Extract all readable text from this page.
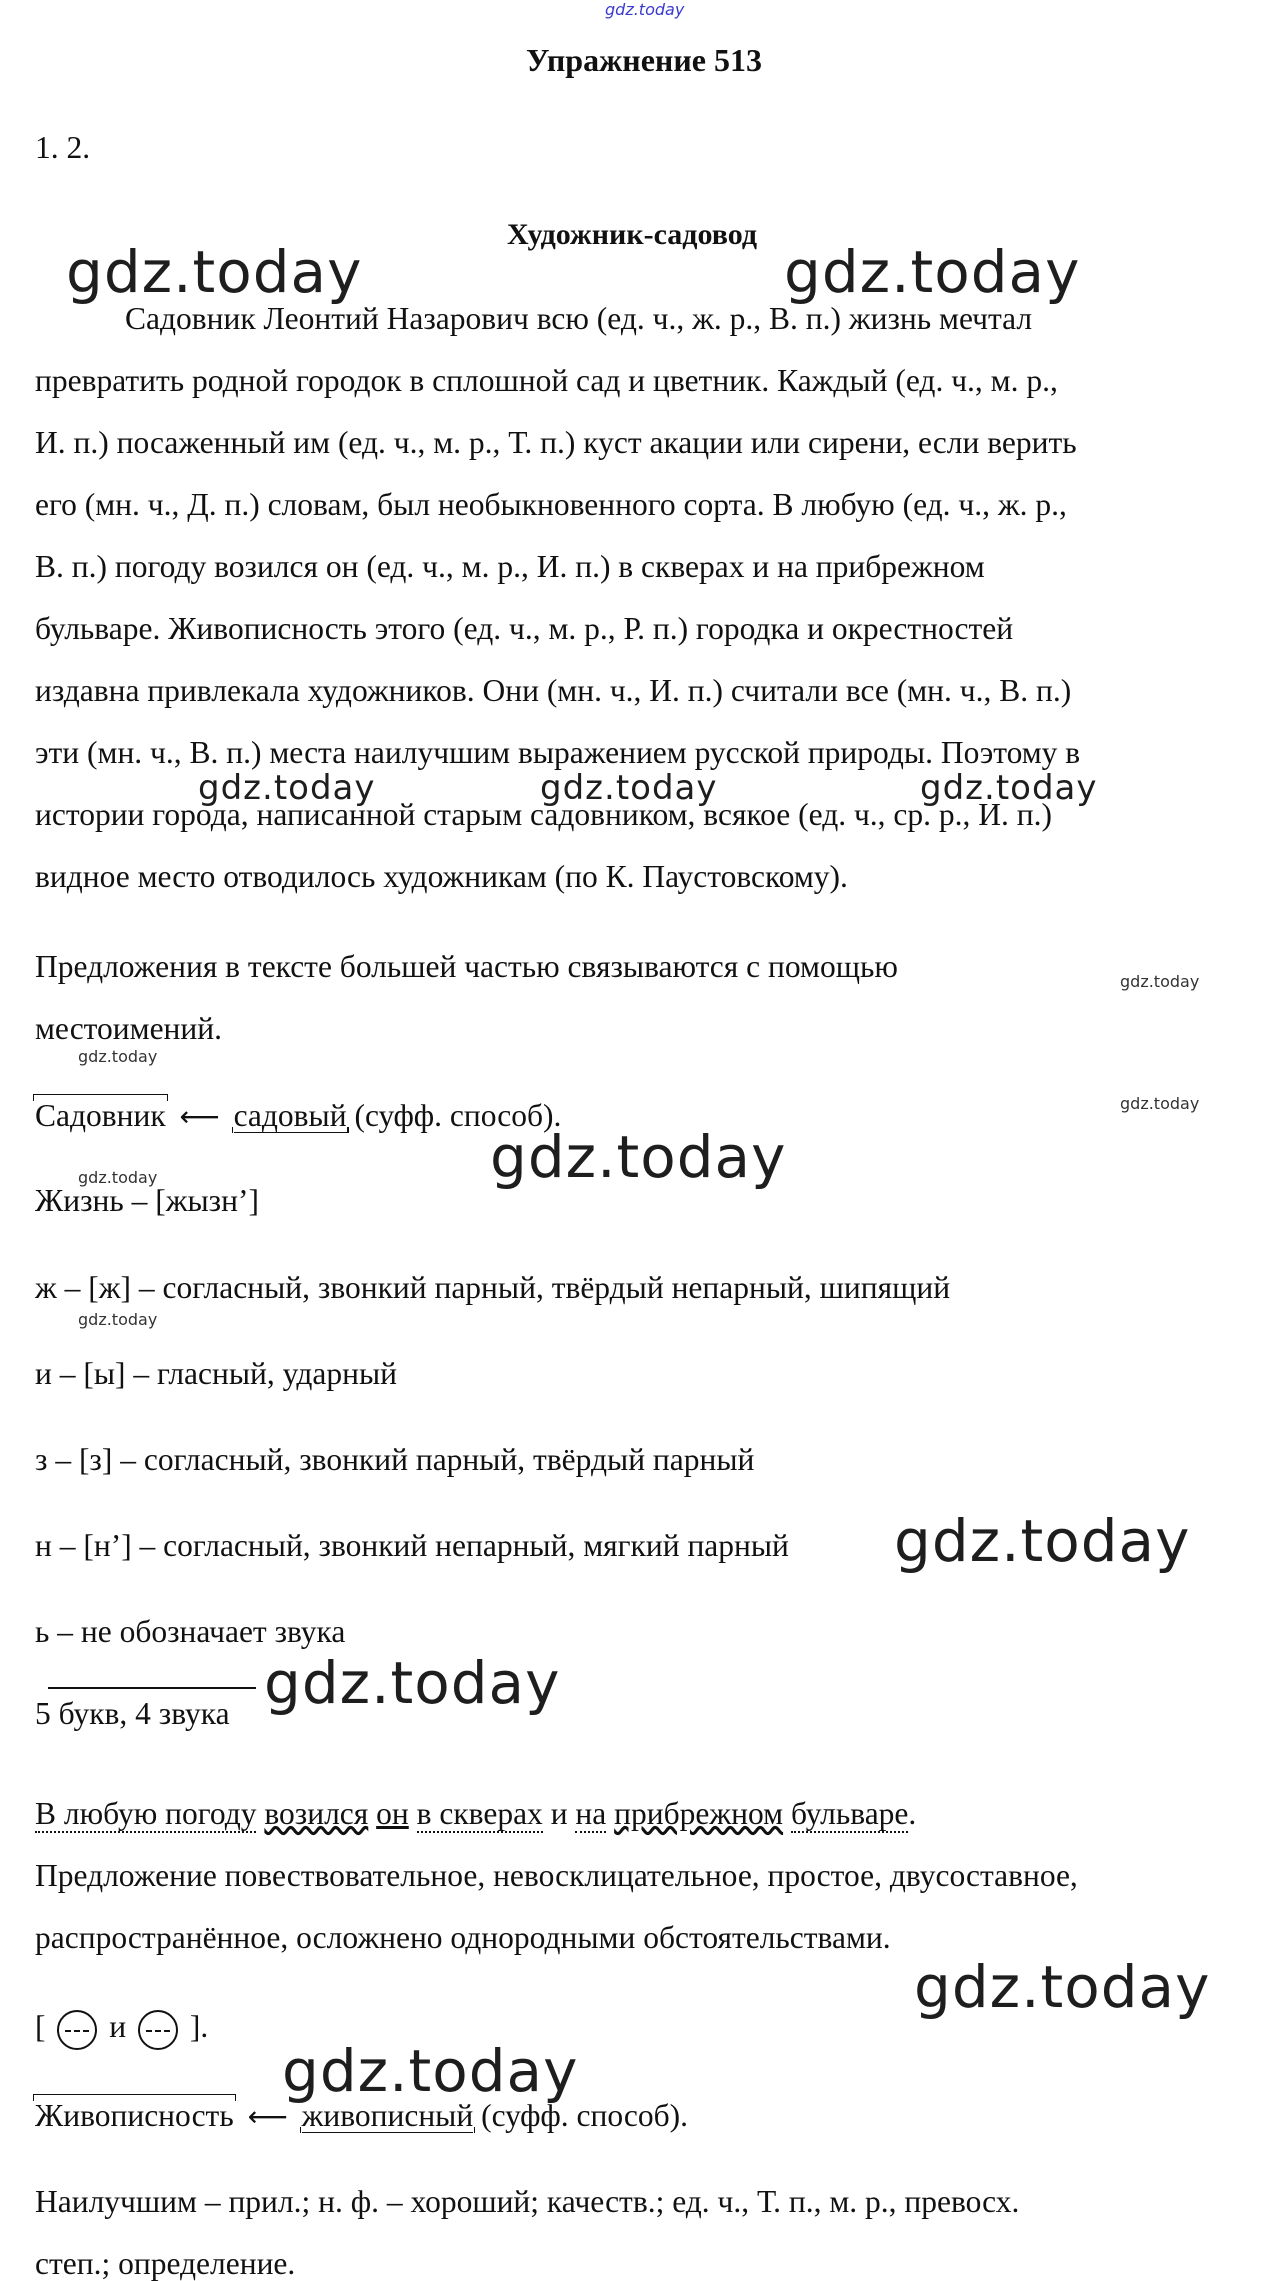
gdz.today
Упражнение 513
1. 2.
Художник-садовод
Садовник Леонтий Назарович всю (ед. ч., ж. р., В. п.) жизнь мечтал
превратить родной городок в сплошной сад и цветник. Каждый (ед. ч., м. р.,
И. п.) посаженный им (ед. ч., м. р., Т. п.) куст акации или сирени, если верить
его (мн. ч., Д. п.) словам, был необыкновенного сорта. В любую (ед. ч., ж. р.,
В. п.) погоду возился он (ед. ч., м. р., И. п.) в скверах и на прибрежном
бульваре. Живописность этого (ед. ч., м. р., Р. п.) городка и окрестностей
издавна привлекала художников. Они (мн. ч., И. п.) считали все (мн. ч., В. п.)
эти (мн. ч., В. п.) места наилучшим выражением русской природы. Поэтому в
истории города, написанной старым садовником, всякое (ед. ч., ср. р., И. п.)
видное место отводилось художникам (по К. Паустовскому).
Предложения в тексте большей частью связываются с помощью
местоимений.
Садовник ⟵ садовый (суфф. способ).
Жизнь – [жызн’]
ж – [ж] – согласный, звонкий парный, твёрдый непарный, шипящий
и – [ы] – гласный, ударный
з – [з] – согласный, звонкий парный, твёрдый парный
н – [н’] – согласный, звонкий непарный, мягкий парный
ь – не обозначает звука
5 букв, 4 звука
В любую погоду возился он в скверах и на прибрежном бульваре.
Предложение повествовательное, невосклицательное, простое, двусоставное,
распространённое, осложнено однородными обстоятельствами.
[ и ].
Живописность ⟵ живописный (суфф. способ).
Наилучшим – прил.; н. ф. – хороший; качеств.; ед. ч., Т. п., м. р., превосх.
степ.; определение.
gdz.today	gdz.today
gdz.today	gdz.today	gdz.today
gdz.today
gdz.today
gdz.today
gdz.today
gdz.today
gdz.today
gdz.today
gdz.today
gdz.today
gdz.today
